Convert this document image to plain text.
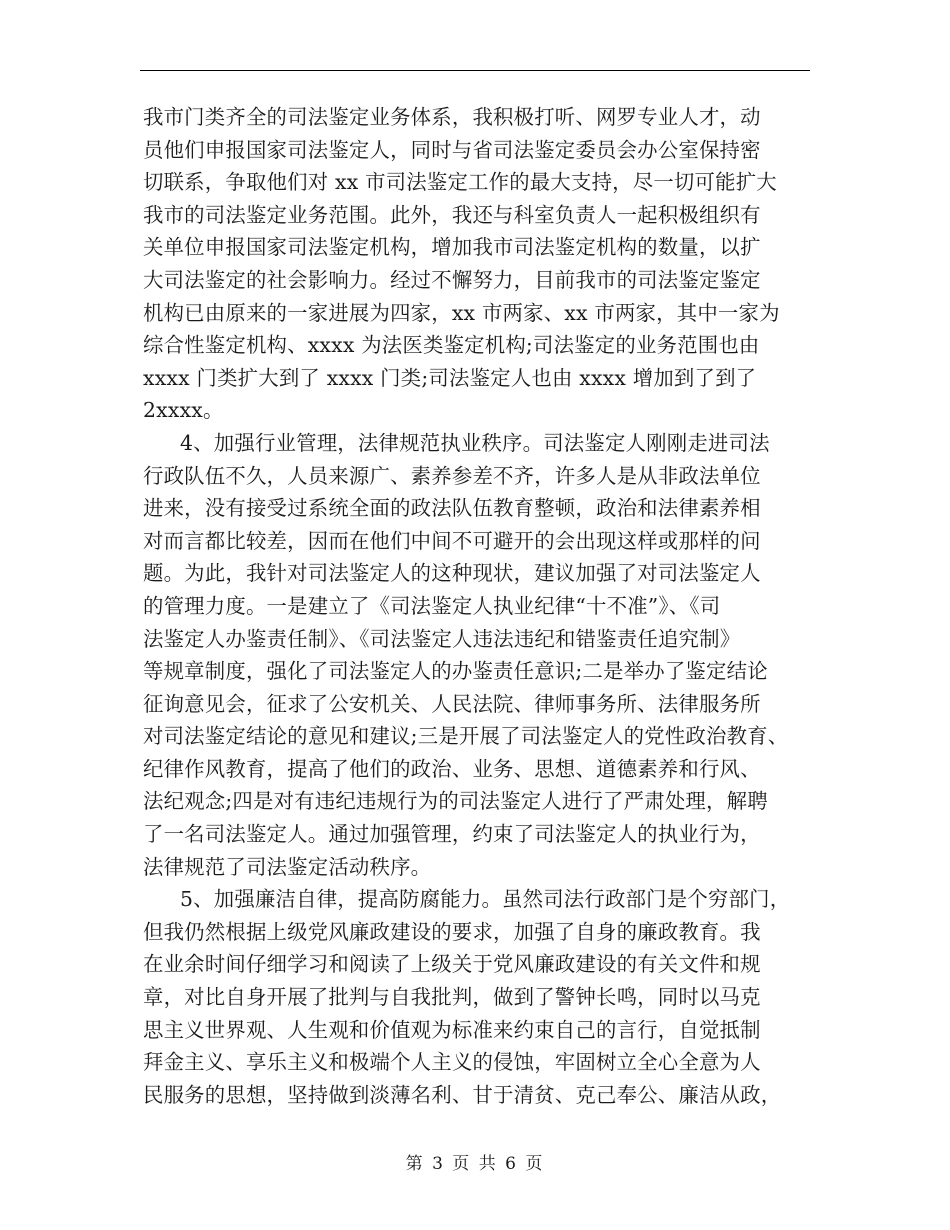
我市门类齐全的司法鉴定业务体系，我积极打听、网罗专业人才，动
员他们申报国家司法鉴定人，同时与省司法鉴定委员会办公室保持密
切联系，争取他们对 xx 市司法鉴定工作的最大支持，尽一切可能扩大
我市的司法鉴定业务范围。此外，我还与科室负责人一起积极组织有
关单位申报国家司法鉴定机构，增加我市司法鉴定机构的数量，以扩
大司法鉴定的社会影响力。经过不懈努力，目前我市的司法鉴定鉴定
机构已由原来的一家进展为四家，xx 市两家、xx 市两家，其中一家为
综合性鉴定机构、xxxx 为法医类鉴定机构;司法鉴定的业务范围也由
xxxx 门类扩大到了 xxxx 门类;司法鉴定人也由 xxxx 增加到了到了
2xxxx。
4、加强行业管理，法律规范执业秩序。司法鉴定人刚刚走进司法
行政队伍不久，人员来源广、素养参差不齐，许多人是从非政法单位
进来，没有接受过系统全面的政法队伍教育整顿，政治和法律素养相
对而言都比较差，因而在他们中间不可避开的会出现这样或那样的问
题。为此，我针对司法鉴定人的这种现状，建议加强了对司法鉴定人
的管理力度。一是建立了《司法鉴定人执业纪律“十不准”》、《司
法鉴定人办鉴责任制》、《司法鉴定人违法违纪和错鉴责任追究制》
等规章制度，强化了司法鉴定人的办鉴责任意识;二是举办了鉴定结论
征询意见会，征求了公安机关、人民法院、律师事务所、法律服务所
对司法鉴定结论的意见和建议;三是开展了司法鉴定人的党性政治教育、
纪律作风教育，提高了他们的政治、业务、思想、道德素养和行风、
法纪观念;四是对有违纪违规行为的司法鉴定人进行了严肃处理，解聘
了一名司法鉴定人。通过加强管理，约束了司法鉴定人的执业行为，
法律规范了司法鉴定活动秩序。
5、加强廉洁自律，提高防腐能力。虽然司法行政部门是个穷部门，
但我仍然根据上级党风廉政建设的要求，加强了自身的廉政教育。我
在业余时间仔细学习和阅读了上级关于党风廉政建设的有关文件和规
章，对比自身开展了批判与自我批判，做到了警钟长鸣，同时以马克
思主义世界观、人生观和价值观为标准来约束自己的言行，自觉抵制
拜金主义、享乐主义和极端个人主义的侵蚀，牢固树立全心全意为人
民服务的思想，坚持做到淡薄名利、甘于清贫、克己奉公、廉洁从政，
第 3 页 共 6 页
